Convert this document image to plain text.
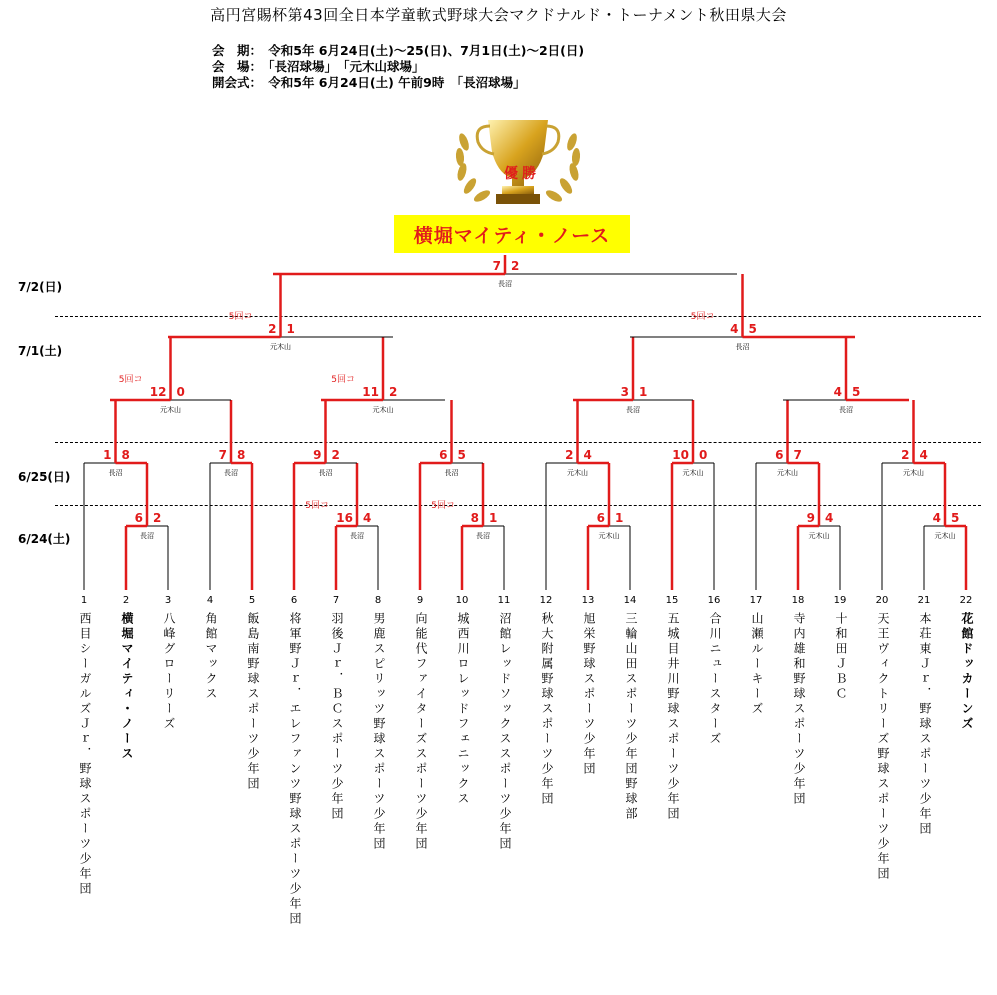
高円宮賜杯第43回全日本学童軟式野球大会マクドナルド・トーナメント秋田県大会
会　期：　令和5年 6月24日(土)～25(日)、7月1日(土)～2日(日)
会　場：　「長沼球場」　「元木山球場」
開会式：　令和5年 6月24日(土) 午前9時　「長沼球場」
優 勝
横堀マイティ・ノース
7/2(日)
7/1(土)
6/25(日)
6/24(土)
6 2
長沼
16 4
長沼
5回コ
8 1
長沼
5回コ
6 1
元木山
9 4
元木山
4 5
元木山
1 8
長沼
7 8
長沼
9 2
長沼
6 5
長沼
2 4
元木山
10 0
元木山
6 7
元木山
2 4
元木山
12 0
元木山
5回コ
11 2
元木山
5回コ
3 1
長沼
4 5
長沼
2 1
元木山
5回コ
4 5
長沼
5回コ
7 2
長沼
1	2	3	4	5	6	7	8	9	10	11	12	13	14	15	16	17	18	19	20	21	22
西目シーガルズＪｒ．野球スポーツ少年団	横堀マイティ・ノース	八峰グローリーズ	角館マックス	飯島南野球スポーツ少年団	将軍野Ｊｒ．エレファンツ野球スポーツ少年団	羽後Ｊｒ．ＢＣスポーツ少年団	男鹿スピリッツ野球スポーツ少年団	向能代ファイターズスポーツ少年団	城西川ロレッドフェニックス	沼館レッドソックススポーツ少年団	秋大附属野球スポーツ少年団	旭栄野球スポーツ少年団	三輪山田スポーツ少年団野球部	五城目井川野球スポーツ少年団	合川ニュースターズ	山瀬ルーキーズ	寺内雄和野球スポーツ少年団	十和田ＪＢＣ	天王ヴィクトリーズ野球スポーツ少年団	本荘東Ｊｒ．野球スポーツ少年団	花館ドッカーンズ
